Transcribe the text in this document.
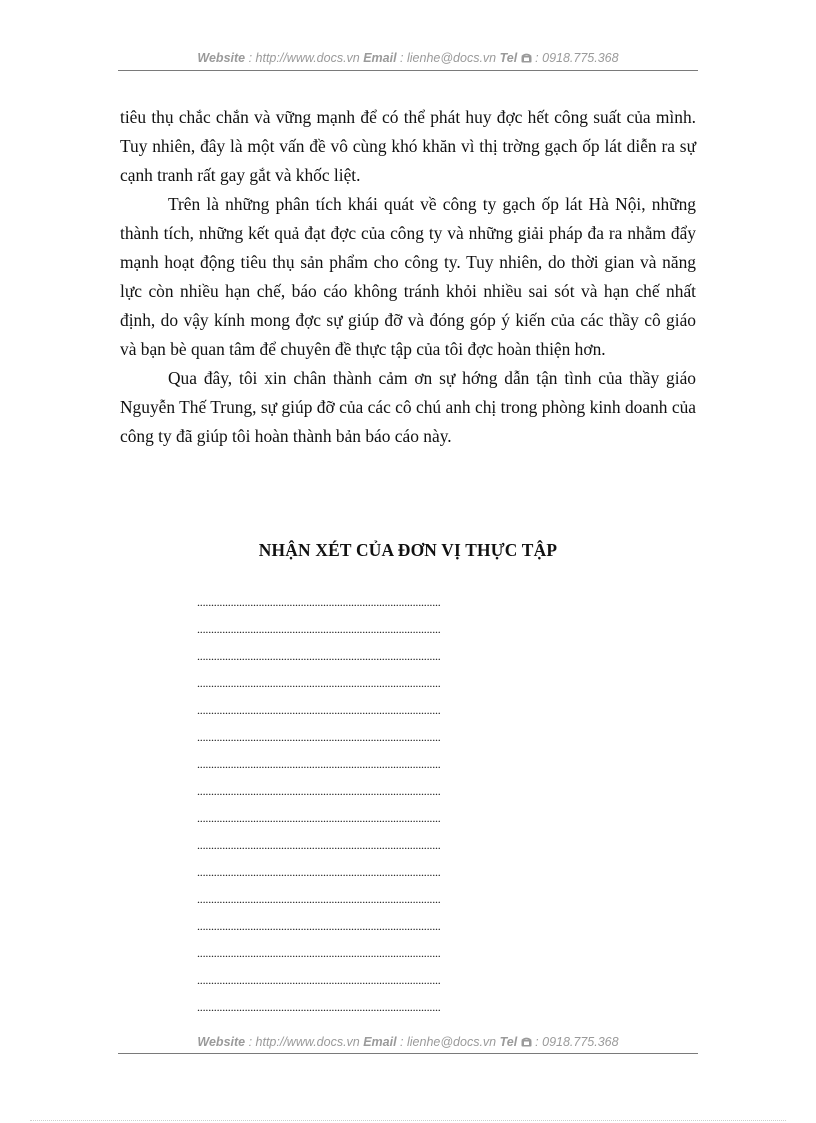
Website : http://www.docs.vn Email : lienhe@docs.vn Tel  : 0918.775.368

tiêu thụ chắc chắn và vững mạnh để có thể phát huy đợc hết công suất của mình. Tuy nhiên, đây là một vấn đề vô cùng khó khăn vì thị trờng gạch ốp lát diễn ra sự cạnh tranh rất gay gắt và khốc liệt.

Trên là những phân tích khái quát về công ty gạch ốp lát Hà Nội, những thành tích, những kết quả đạt đợc của công ty và những giải pháp đa ra nhằm đẩy mạnh hoạt động tiêu thụ sản phẩm cho công ty. Tuy nhiên, do thời gian và năng lực còn nhiều hạn chế, báo cáo không tránh khỏi nhiều sai sót và hạn chế nhất định, do vậy kính mong đợc sự giúp đỡ và đóng góp ý kiến của các thầy cô giáo và bạn bè quan tâm để chuyên đề thực tập của tôi đợc hoàn thiện hơn.

Qua đây, tôi xin chân thành cảm ơn sự hớng dẫn tận tình của thầy giáo Nguyễn Thế Trung, sự giúp đỡ của các cô chú anh chị trong phòng kinh doanh của công ty đã giúp tôi hoàn thành bản báo cáo này.

NHẬN XÉT CỦA ĐƠN VỊ THỰC TẬP
.......................................................................................
.......................................................................................
.......................................................................................
.......................................................................................
.......................................................................................
.......................................................................................
.......................................................................................
.......................................................................................
.......................................................................................
.......................................................................................
.......................................................................................
.......................................................................................
.......................................................................................
.......................................................................................
.......................................................................................
.......................................................................................
Website : http://www.docs.vn Email : lienhe@docs.vn Tel  : 0918.775.368
